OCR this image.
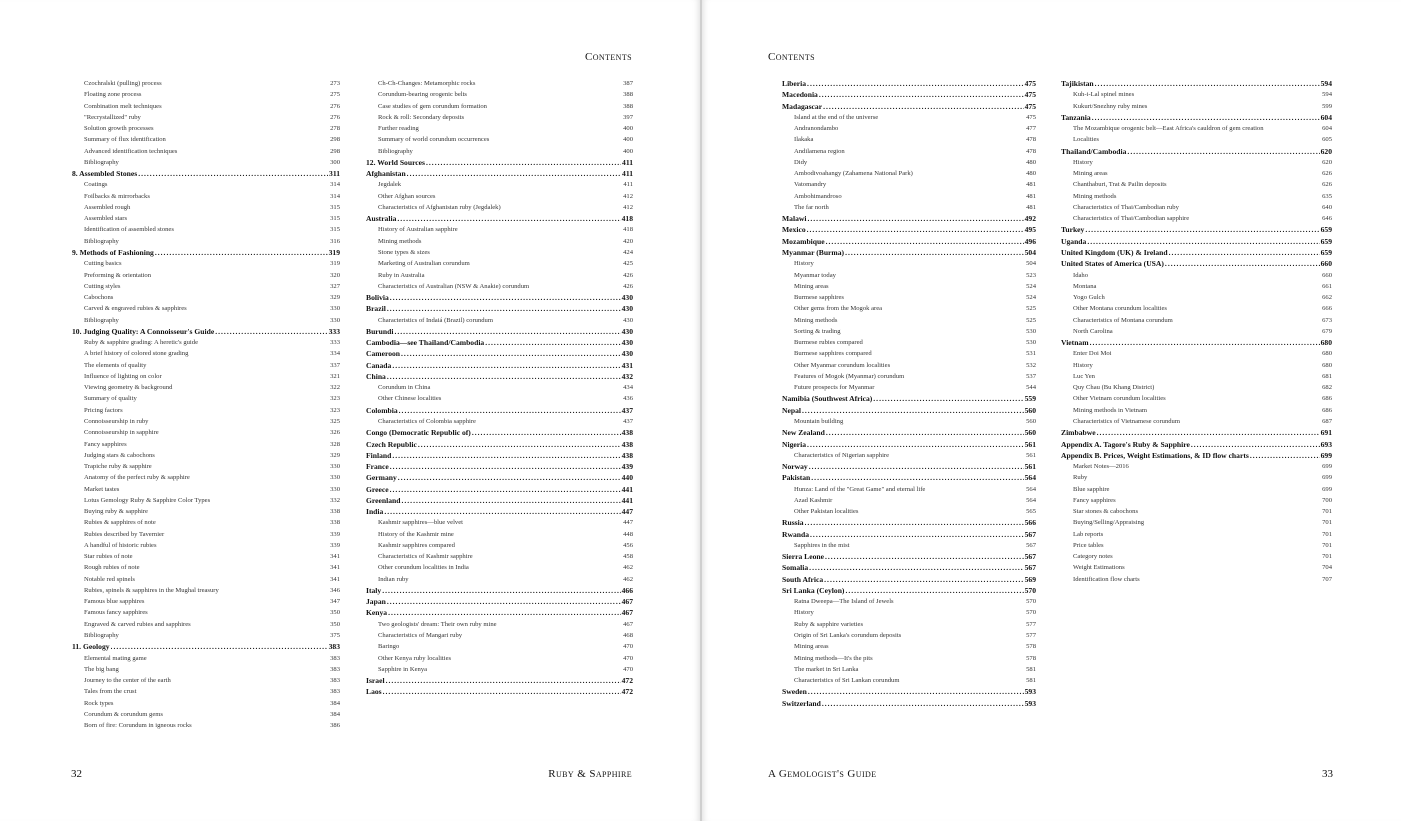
Contents
Czochralski (pulling) process	273
Floating zone process	275
Combination melt techniques	276
"Recrystallized" ruby	276
Solution growth processes	278
Summary of flux identification	298
Advanced identification techniques	298
Bibliography	300
8. Assembled Stones .....	311
Coatings	314
Foilbacks & mirrorbacks	314
Assembled rough	315
Assembled stars	315
Identification of assembled stones	315
Bibliography	316
9. Methods of Fashioning .....	319
Cutting basics	319
Preforming & orientation	320
Cutting styles	327
Cabochons	329
Carved & engraved rubies & sapphires	330
Bibliography	330
10. Judging Quality: A Connoisseur's Guide .....	333
Ruby & sapphire grading: A heretic's guide	333
A brief history of colored stone grading	334
The elements of quality	337
Influence of lighting on color	321
Viewing geometry & background	322
Summary of quality	323
Pricing factors	323
Connoisseurship in ruby	325
Connoisseurship in sapphire	326
Fancy sapphires	328
Judging stars & cabochons	329
Trapiche ruby & sapphire	330
Anatomy of the perfect ruby & sapphire	330
Market tastes	330
Lotus Gemology Ruby & Sapphire Color Types	332
Buying ruby & sapphire	338
Rubies & sapphires of note	338
Rubies described by Tavernier	339
A handful of historic rubies	339
Star rubies of note	341
Rough rubies of note	341
Notable red spinels	341
Rubies, spinels & sapphires in the Mughal treasury	346
Famous blue sapphires	347
Famous fancy sapphires	350
Engraved & carved rubies and sapphires	350
Bibliography	375
11. Geology .....	383
Elemental mating game	383
The big bang	383
Journey to the center of the earth	383
Tales from the crust	383
Rock types	384
Corundum & corundum gems	384
Born of fire: Corundum in igneous rocks	386
Ch-Ch-Changes: Metamorphic rocks	387
Corundum-bearing orogenic belts	388
Case studies of gem corundum formation	388
Rock & roll: Secondary deposits	397
Further reading	400
Summary of world corundum occurrences	400
Bibliography	400
12. World Sources .....	411
Afghanistan .....	411
Jegdalek	411
Other Afghan sources	412
Characteristics of Afghanistan ruby (Jegdalek)	412
Australia .....	418
History of Australian sapphire	418
Mining methods	420
Stone types & sizes	424
Marketing of Australian corundum	425
Ruby in Australia	426
Characteristics of Australian (NSW & Anakie) corundum	426
Bolivia .....	430
Brazil .....	430
Characteristics of Indaiá (Brazil) corundum	430
Burundi .....	430
Cambodia—see Thailand/Cambodia .....	430
Cameroon .....	430
Canada .....	431
China .....	432
Corundum in China	434
Other Chinese localities	436
Colombia .....	437
Characteristics of Colombia sapphire	437
Congo (Democratic Republic of) .....	438
Czech Republic .....	438
Finland .....	438
France .....	439
Germany .....	440
Greece .....	441
Greenland .....	441
India .....	447
Kashmir sapphires—blue velvet	447
History of the Kashmir mine	448
Kashmir sapphires compared	456
Characteristics of Kashmir sapphire	458
Other corundum localities in India	462
Indian ruby	462
Italy .....	466
Japan .....	467
Kenya .....	467
Two geologists' dream: Their own ruby mine	467
Characteristics of Mangari ruby	468
Baringo	470
Other Kenya ruby localities	470
Sapphire in Kenya	470
Israel .....	472
Laos .....	472
32	Ruby & Sapphire
Contents
Liberia .....	475
Macedonia .....	475
Madagascar .....	475
Island at the end of the universe	475
Andranondambo	477
Ilakaka	478
Andilamena region	478
Didy	480
Ambodivoahangy (Zahamena National Park)	480
Vatomandry	481
Ambohimandroso	481
The far north	481
Malawi .....	492
Mexico .....	495
Mozambique .....	496
Myanmar (Burma) .....	504
History	504
Myanmar today	523
Mining areas	524
Burmese sapphires	524
Other gems from the Mogok area	525
Mining methods	525
Sorting & trading	530
Burmese rubies compared	530
Burmese sapphires compared	531
Other Myanmar corundum localities	532
Features of Mogok (Myanmar) corundum	537
Future prospects for Myanmar	544
Namibia (Southwest Africa) .....	559
Nepal .....	560
Mountain building	560
New Zealand .....	560
Nigeria .....	561
Characteristics of Nigerian sapphire	561
Norway .....	561
Pakistan .....	564
Hunza: Land of the "Great Game" and eternal life	564
Azad Kashmir	564
Other Pakistan localities	565
Russia .....	566
Rwanda .....	567
Sapphires in the mist	567
Sierra Leone .....	567
Somalia .....	567
South Africa .....	569
Sri Lanka (Ceylon) .....	570
Ratna Dweepa—The Island of Jewels	570
History	570
Ruby & sapphire varieties	577
Origin of Sri Lanka's corundum deposits	577
Mining areas	578
Mining methods—It's the pits	578
The market in Sri Lanka	581
Characteristics of Sri Lankan corundum	581
Sweden .....	593
Switzerland .....	593
Tajikistan .....	594
Kuh-i-Lal spinel mines	594
Kukurt/Snezhny ruby mines	599
Tanzania .....	604
The Mozambique orogenic belt—East Africa's cauldron of gem creation	604
Localities	605
Thailand/Cambodia .....	620
History	620
Mining areas	626
Chanthaburi, Trat & Pailin deposits	626
Mining methods	635
Characteristics of Thai/Cambodian ruby	640
Characteristics of Thai/Cambodian sapphire	646
Turkey .....	659
Uganda .....	659
United Kingdom (UK) & Ireland .....	659
United States of America (USA) .....	660
Idaho	660
Montana	661
Yogo Gulch	662
Other Montana corundum localities	666
Characteristics of Montana corundum	673
North Carolina	679
Vietnam .....	680
Enter Doi Moi	680
History	680
Luc Yen	681
Quy Chau (Bu Khang District)	682
Other Vietnam corundum localities	686
Mining methods in Vietnam	686
Characteristics of Vietnamese corundum	687
Zimbabwe .....	691
Appendix A. Tagore's Ruby & Sapphire .....	693
Appendix B. Prices, Weight Estimations, & ID flow charts .....	699
Market Notes—2016	699
Ruby	699
Blue sapphire	699
Fancy sapphires	700
Star stones & cabochons	701
Buying/Selling/Appraising	701
Lab reports	701
Price tables	701
Category notes	701
Weight Estimations	704
Identification flow charts	707
A Gemologist's Guide	33
